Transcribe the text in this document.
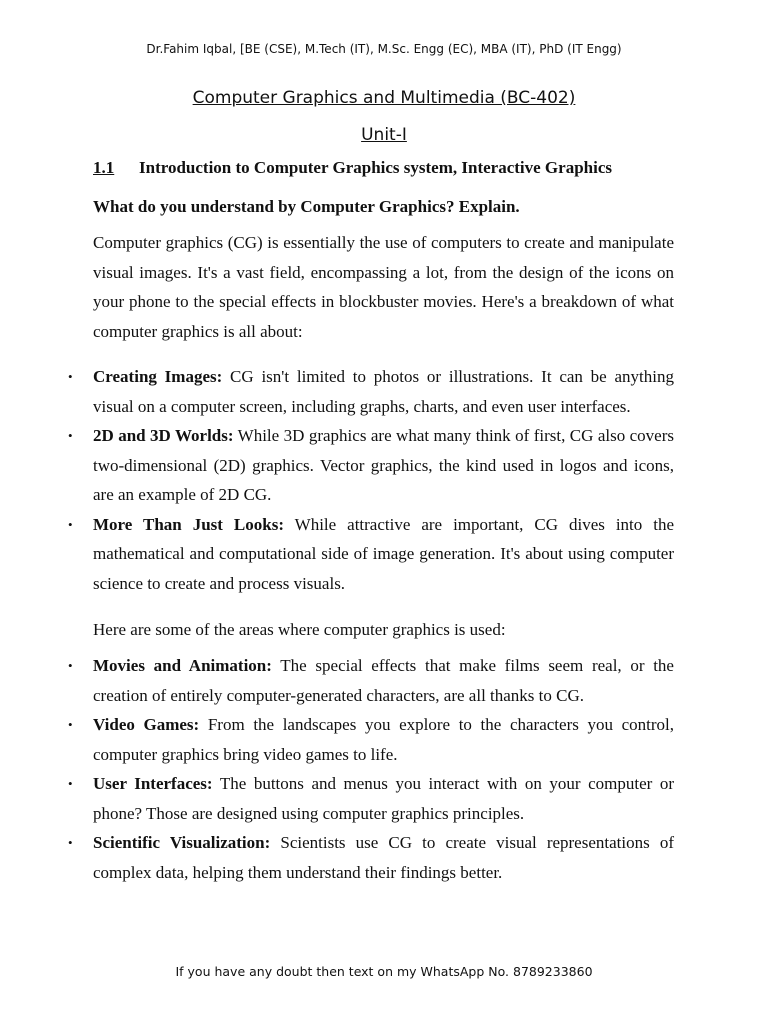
Dr.Fahim Iqbal, [BE (CSE), M.Tech (IT), M.Sc. Engg (EC), MBA (IT), PhD (IT Engg)
Computer Graphics and Multimedia (BC-402)
Unit-I
1.1 Introduction to Computer Graphics system, Interactive Graphics
What do you understand by Computer Graphics? Explain.
Computer graphics (CG) is essentially the use of computers to create and manipulate visual images. It's a vast field, encompassing a lot, from the design of the icons on your phone to the special effects in blockbuster movies. Here's a breakdown of what computer graphics is all about:
• Creating Images: CG isn't limited to photos or illustrations. It can be anything visual on a computer screen, including graphs, charts, and even user interfaces.
• 2D and 3D Worlds: While 3D graphics are what many think of first, CG also covers two-dimensional (2D) graphics. Vector graphics, the kind used in logos and icons, are an example of 2D CG.
• More Than Just Looks: While attractive are important, CG dives into the mathematical and computational side of image generation. It's about using computer science to create and process visuals.
Here are some of the areas where computer graphics is used:
• Movies and Animation: The special effects that make films seem real, or the creation of entirely computer-generated characters, are all thanks to CG.
• Video Games: From the landscapes you explore to the characters you control, computer graphics bring video games to life.
• User Interfaces: The buttons and menus you interact with on your computer or phone? Those are designed using computer graphics principles.
• Scientific Visualization: Scientists use CG to create visual representations of complex data, helping them understand their findings better.
If you have any doubt then text on my WhatsApp No. 8789233860
